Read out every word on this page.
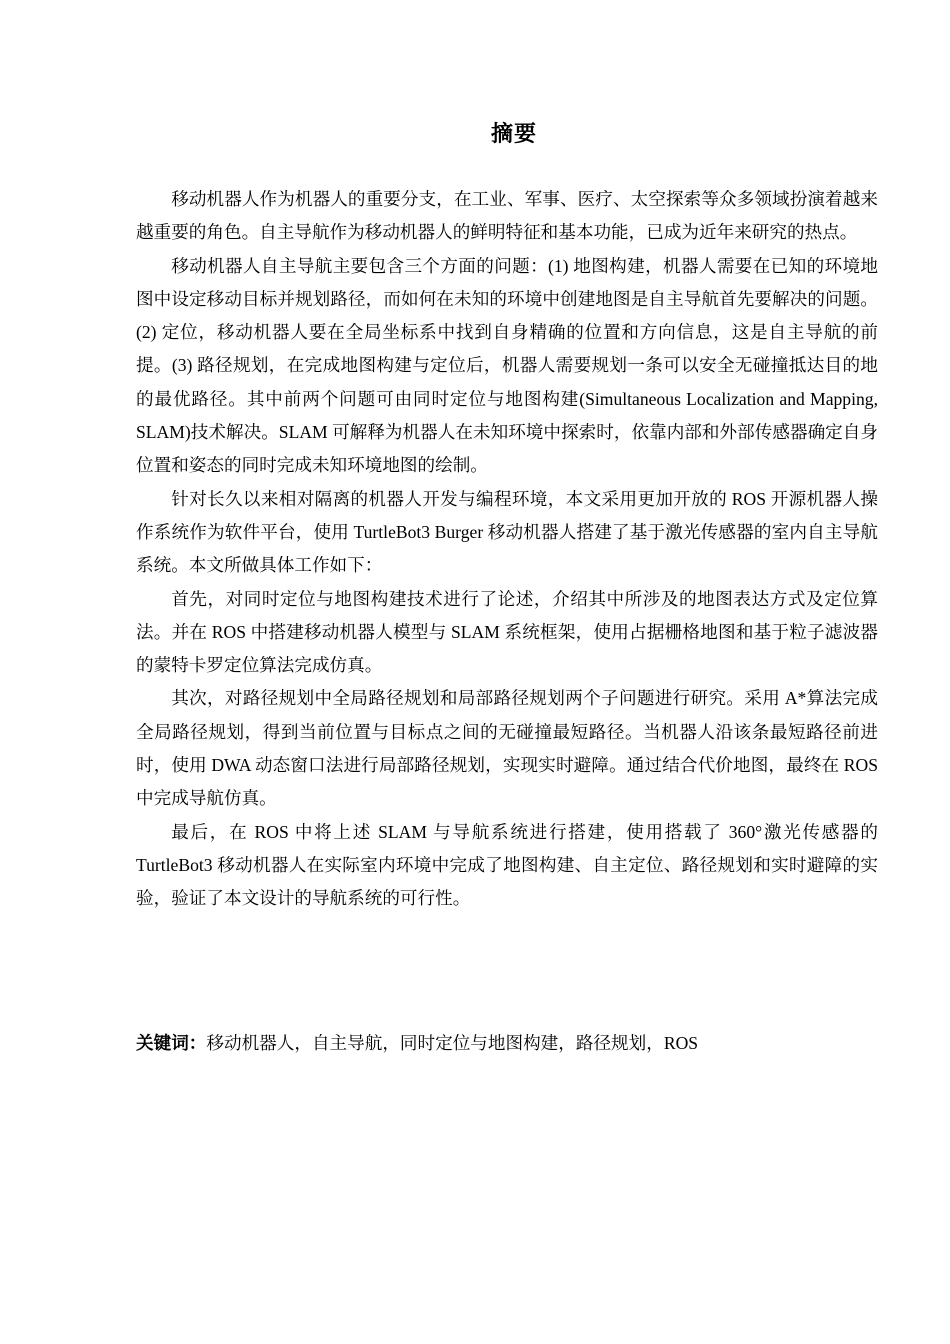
摘要

移动机器人作为机器人的重要分支，在工业、军事、医疗、太空探索等众多领域扮演着越来越重要的角色。自主导航作为移动机器人的鲜明特征和基本功能，已成为近年来研究的热点。

移动机器人自主导航主要包含三个方面的问题：(1) 地图构建，机器人需要在已知的环境地图中设定移动目标并规划路径，而如何在未知的环境中创建地图是自主导航首先要解决的问题。(2) 定位，移动机器人要在全局坐标系中找到自身精确的位置和方向信息，这是自主导航的前提。(3) 路径规划，在完成地图构建与定位后，机器人需要规划一条可以安全无碰撞抵达目的地的最优路径。其中前两个问题可由同时定位与地图构建(Simultaneous Localization and Mapping, SLAM)技术解决。SLAM 可解释为机器人在未知环境中探索时，依靠内部和外部传感器确定自身位置和姿态的同时完成未知环境地图的绘制。

针对长久以来相对隔离的机器人开发与编程环境，本文采用更加开放的 ROS 开源机器人操作系统作为软件平台，使用 TurtleBot3 Burger 移动机器人搭建了基于激光传感器的室内自主导航系统。本文所做具体工作如下：

首先，对同时定位与地图构建技术进行了论述，介绍其中所涉及的地图表达方式及定位算法。并在 ROS 中搭建移动机器人模型与 SLAM 系统框架，使用占据栅格地图和基于粒子滤波器的蒙特卡罗定位算法完成仿真。

其次，对路径规划中全局路径规划和局部路径规划两个子问题进行研究。采用 A*算法完成全局路径规划，得到当前位置与目标点之间的无碰撞最短路径。当机器人沿该条最短路径前进时，使用 DWA 动态窗口法进行局部路径规划，实现实时避障。通过结合代价地图，最终在 ROS 中完成导航仿真。

最后，在 ROS 中将上述 SLAM 与导航系统进行搭建，使用搭载了 360°激光传感器的 TurtleBot3 移动机器人在实际室内环境中完成了地图构建、自主定位、路径规划和实时避障的实验，验证了本文设计的导航系统的可行性。

关键词：移动机器人，自主导航，同时定位与地图构建，路径规划，ROS
